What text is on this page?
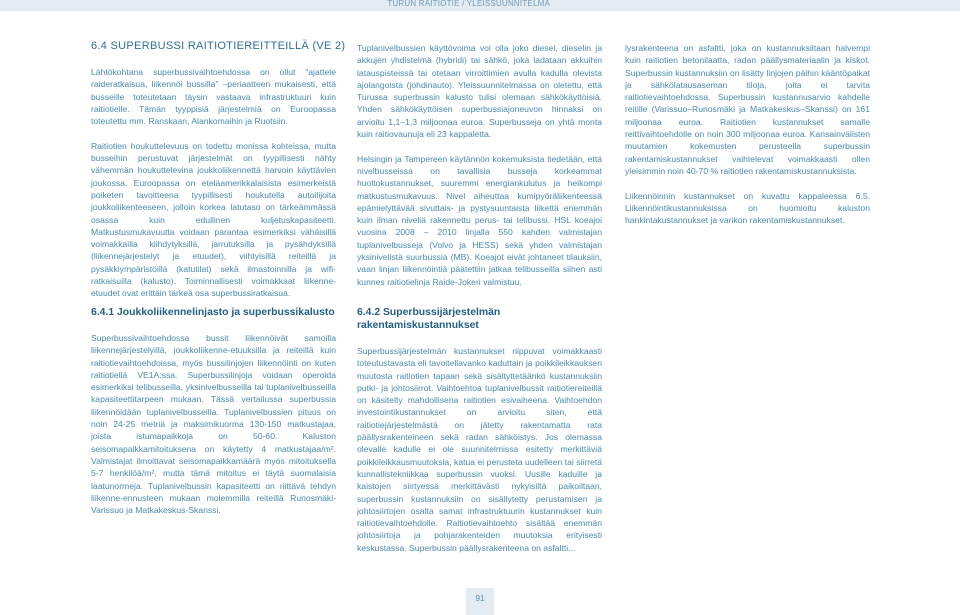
TURUN RAITIOTIE / YLEISSUUNNITELMA
6.4 SUPERBUSSI RAITIOTIEREITTEILLÄ (VE 2)

Lähtökohtana superbussivaihtoehdossa on ollut ”ajattele raideratkaisua, liikennöi bussilla” –periaatteen mukaisesti, että busseille toteutetaan täysin vastaava infrastruktuuri kuin raitiotielle. Tämän tyyppisiä järjestelmiä on Euroopassa toteutettu mm. Ranskaan, Alankomaihin ja Ruotsiin.

Raitiotien houkuttelevuus on todettu monissa kohteissa, mutta busseihin perustuvat järjestelmät on tyypillisesti nähty vähemmän houkuttelevina joukkoliikennettä harvoin käyttävien joukossa. Euroopassa on eteläamerikkalaisista esimerkeistä poiketen tavoitteena tyypillisesti houkutella autoilijoita joukkoliikenteeseen, jolloin korkea latutaso on tärkeämmässä osassa kuin edullinen kuljetuskapasiteetti. Matkustusmukavuutta voidaan parantaa esimerkiksi vähäisillä voimakkailla kiihdytyksillä, jarrutuksilla ja pysähdyksillä (liikennejärjestelyt ja etuudet), viihtyisillä reiteillä ja pysäkkiympäristöillä (katutilat) sekä ilmastoinnilla ja wifi-ratkaisuilla (kalusto). Toiminnallisesti voimakkaat liikenne-etuudet ovat erittäin tärkeä osa superbussiratkaisua.

Tuplanivelbussien käyttövoima voi olla joko diesel, dieselin ja akkujen yhdistelmä (hybridi) tai sähkö, joka ladataan akkuihin latauspisteissä tai otetaan virroittimien avulla kadulla olevista ajolangoista (johdinauto). Yleissuunnitelmassa on oletettu, että Turussa superbussin kalusto tulisi olemaan sähkökäyttöisiä. Yhden sähkökäyttöisen superbussiajoneuvon hinnaksi on arvioitu 1,1–1,3 miljoonaa euroa. Superbusseja on yhtä monta kuin raitiovaunuja eli 23 kappaletta.

Helsingin ja Tampereen käytännön kokemuksista tiedetään, että nivelbusseissa on tavallisia busseja korkeammat huoltokustannukset, suuremmi energiankulutus ja heikompi matkustusmukavuus. Nivel aiheuttaa kumipyöräliikenteessä epämielyttävää sivuttais- ja pystysuuntaista liikettä enemmän kuin ilman niveliä rakennettu perus- tai telibussi. HSL koeajoi vuosina 2008 – 2010 linjalla 550 kahden valmistajan tuplanivelbusseja (Volvo ja HESS) sekä yhden valmistajan yksinivelistä suurbussia (MB). Koeajot eivät johtaneet tilauksiin, vaan linjan liikennöintiä päätettiin jatkaa telibusseilla siihen asti kunnes raitiotielinja Raide-Jokeri valmistuu.

lysrakenteena on asfaltti, joka on kustannuksiltaan halvempi kuin raitiotien betonilaatta, radan päällysmateriaalin ja kiskot. Superbussin kustannuksiin on lisätty linjojen päihin kääntöpaikat ja sähkölatausaseman tiloja, joita ei tarvita raitiotievaihtoehdossa. Superbussin kustannusarvio kahdelle reitille (Varissuo–Runosmäki ja Matkakeskus–Skanssi) on 161 miljoonaa euroa. Raitiotien kustannukset samalle reittivaihtoehdolle on noin 300 miljoonaa euroa. Kansainvälisten muutamien kokemusten perusteella superbussin rakentamiskustannukset vaihtelevat voimakkaasti ollen yleisimmin noin 40-70 % raitiotien rakentamiskustannuksista.

Liikennöinnin kustannukset on kuvattu kappaleessa 6.5. Liikennöintikustannuksissa on huomioitu kaluston hankintakustannukset ja varikon rakentamiskustannukset.

6.4.1 Joukkoliikennelinjasto ja superbussikalusto

Superbussivaihtoehdossa bussit liikennöivät samoilla liikennejärjestelyillä, joukkoliikenne-etuuksilla ja reiteillä kuin raitiotievaihtoehdoissa, myös bussilinjojen liikennöinti on kuten raitiotiellä VE1A:ssa. Superbussilinjoja voidaan operoida esimerkiksi telibusseilla, yksinivelbusseilla tai tuplanivelbusseilla kapasiteettitarpeen mukaan. Tässä vertailussa superbussia liikennöidään tuplanivelbusseilla. Tuplanivelbussien pituus on noin 24-25 metriä ja maksimikuorma 130-150 matkustajaa, joista istumapaikkoja on 50-60. Kaluston seisomapaikkamitoituksena on käytetty 4 matkustajaa/m². Valmistajat ilmoittavat seisomapaikkamäärä myös mitoituksella 5-7 henkilöä/m², mutta tämä mitoitus ei täytä suomalaisia laatunormeja. Tuplanivelbussin kapasiteetti on riittävä tehdyn liikenne-ennusteen mukaan molemmilla reiteillä Runosmäki-Varissuo ja Matkakeskus-Skanssi.

6.4.2 Superbussijärjestelmän rakentamiskustannukset

Superbussijärjestelmän kustannukset riippuvat voimakkaasti toteutustavasta eli tavoitellavanko kaduttain ja poikkileikkauksen muutosta raitiotien tapaan sekä sisältyttetäänkö kustannuksiin putki- ja johtosiirrot. Vaihtoehtoa tuplanivelbussit raitiotiereiteillä on käsitelty mahdollisena raitiotien esivaiheena. Vaihtoehdon investointikustannukset on arvioitu siten, että raitiotiejärjestelmästä on jätetty rakentamatta rata päällysrakenteineen sekä radan sähköistys. Jos olemassa olevalle kadulle ei ole suunnitelmissa esitetty merkittäviä poikkileikkausmuutoksia, katua ei perusteta uudelleen tai siirretä kunnallistekniikkaa superbussin vuoksi. Uusille kaduille ja kaistojen siirtyessä merkittävästi nykyisiltä paikoiltaan, superbussin kustannuksiin on sisällytetty perustamisen ja johtosiirtojen osalta samat infrastruktuurin kustannukset kuin raitiotievaihtoehdolle. Raitiotievaihtoehto sisältää enemmän johtosiirtoja ja pohjarakenteiden muutoksia erityisesti keskustassa. Superbussin päällysrakenteena on asfaltti...

91
